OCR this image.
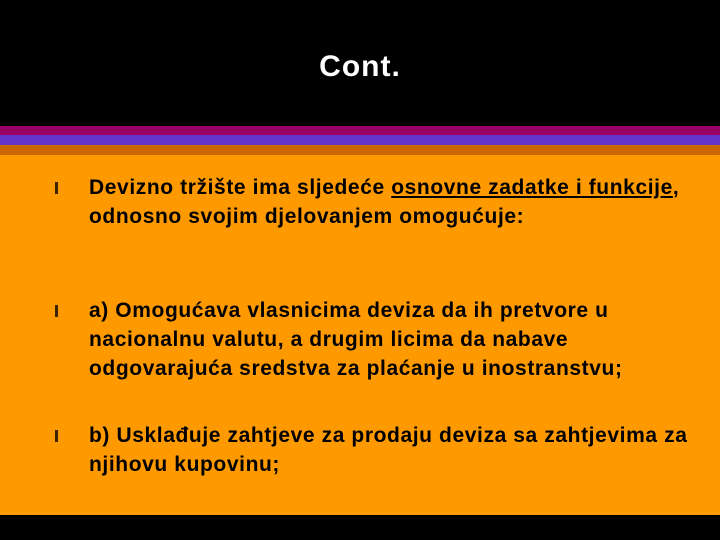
Cont.
Devizno tržište ima sljedeće osnovne zadatke i funkcije, odnosno svojim djelovanjem omogućuje:
a) Omogućava vlasnicima deviza da ih pretvore u nacionalnu valutu, a drugim licima da nabave odgovarajuća sredstva za plaćanje u inostranstvu;
b) Usklađuje zahtjeve za prodaju deviza sa zahtjevima za njihovu kupovinu;
